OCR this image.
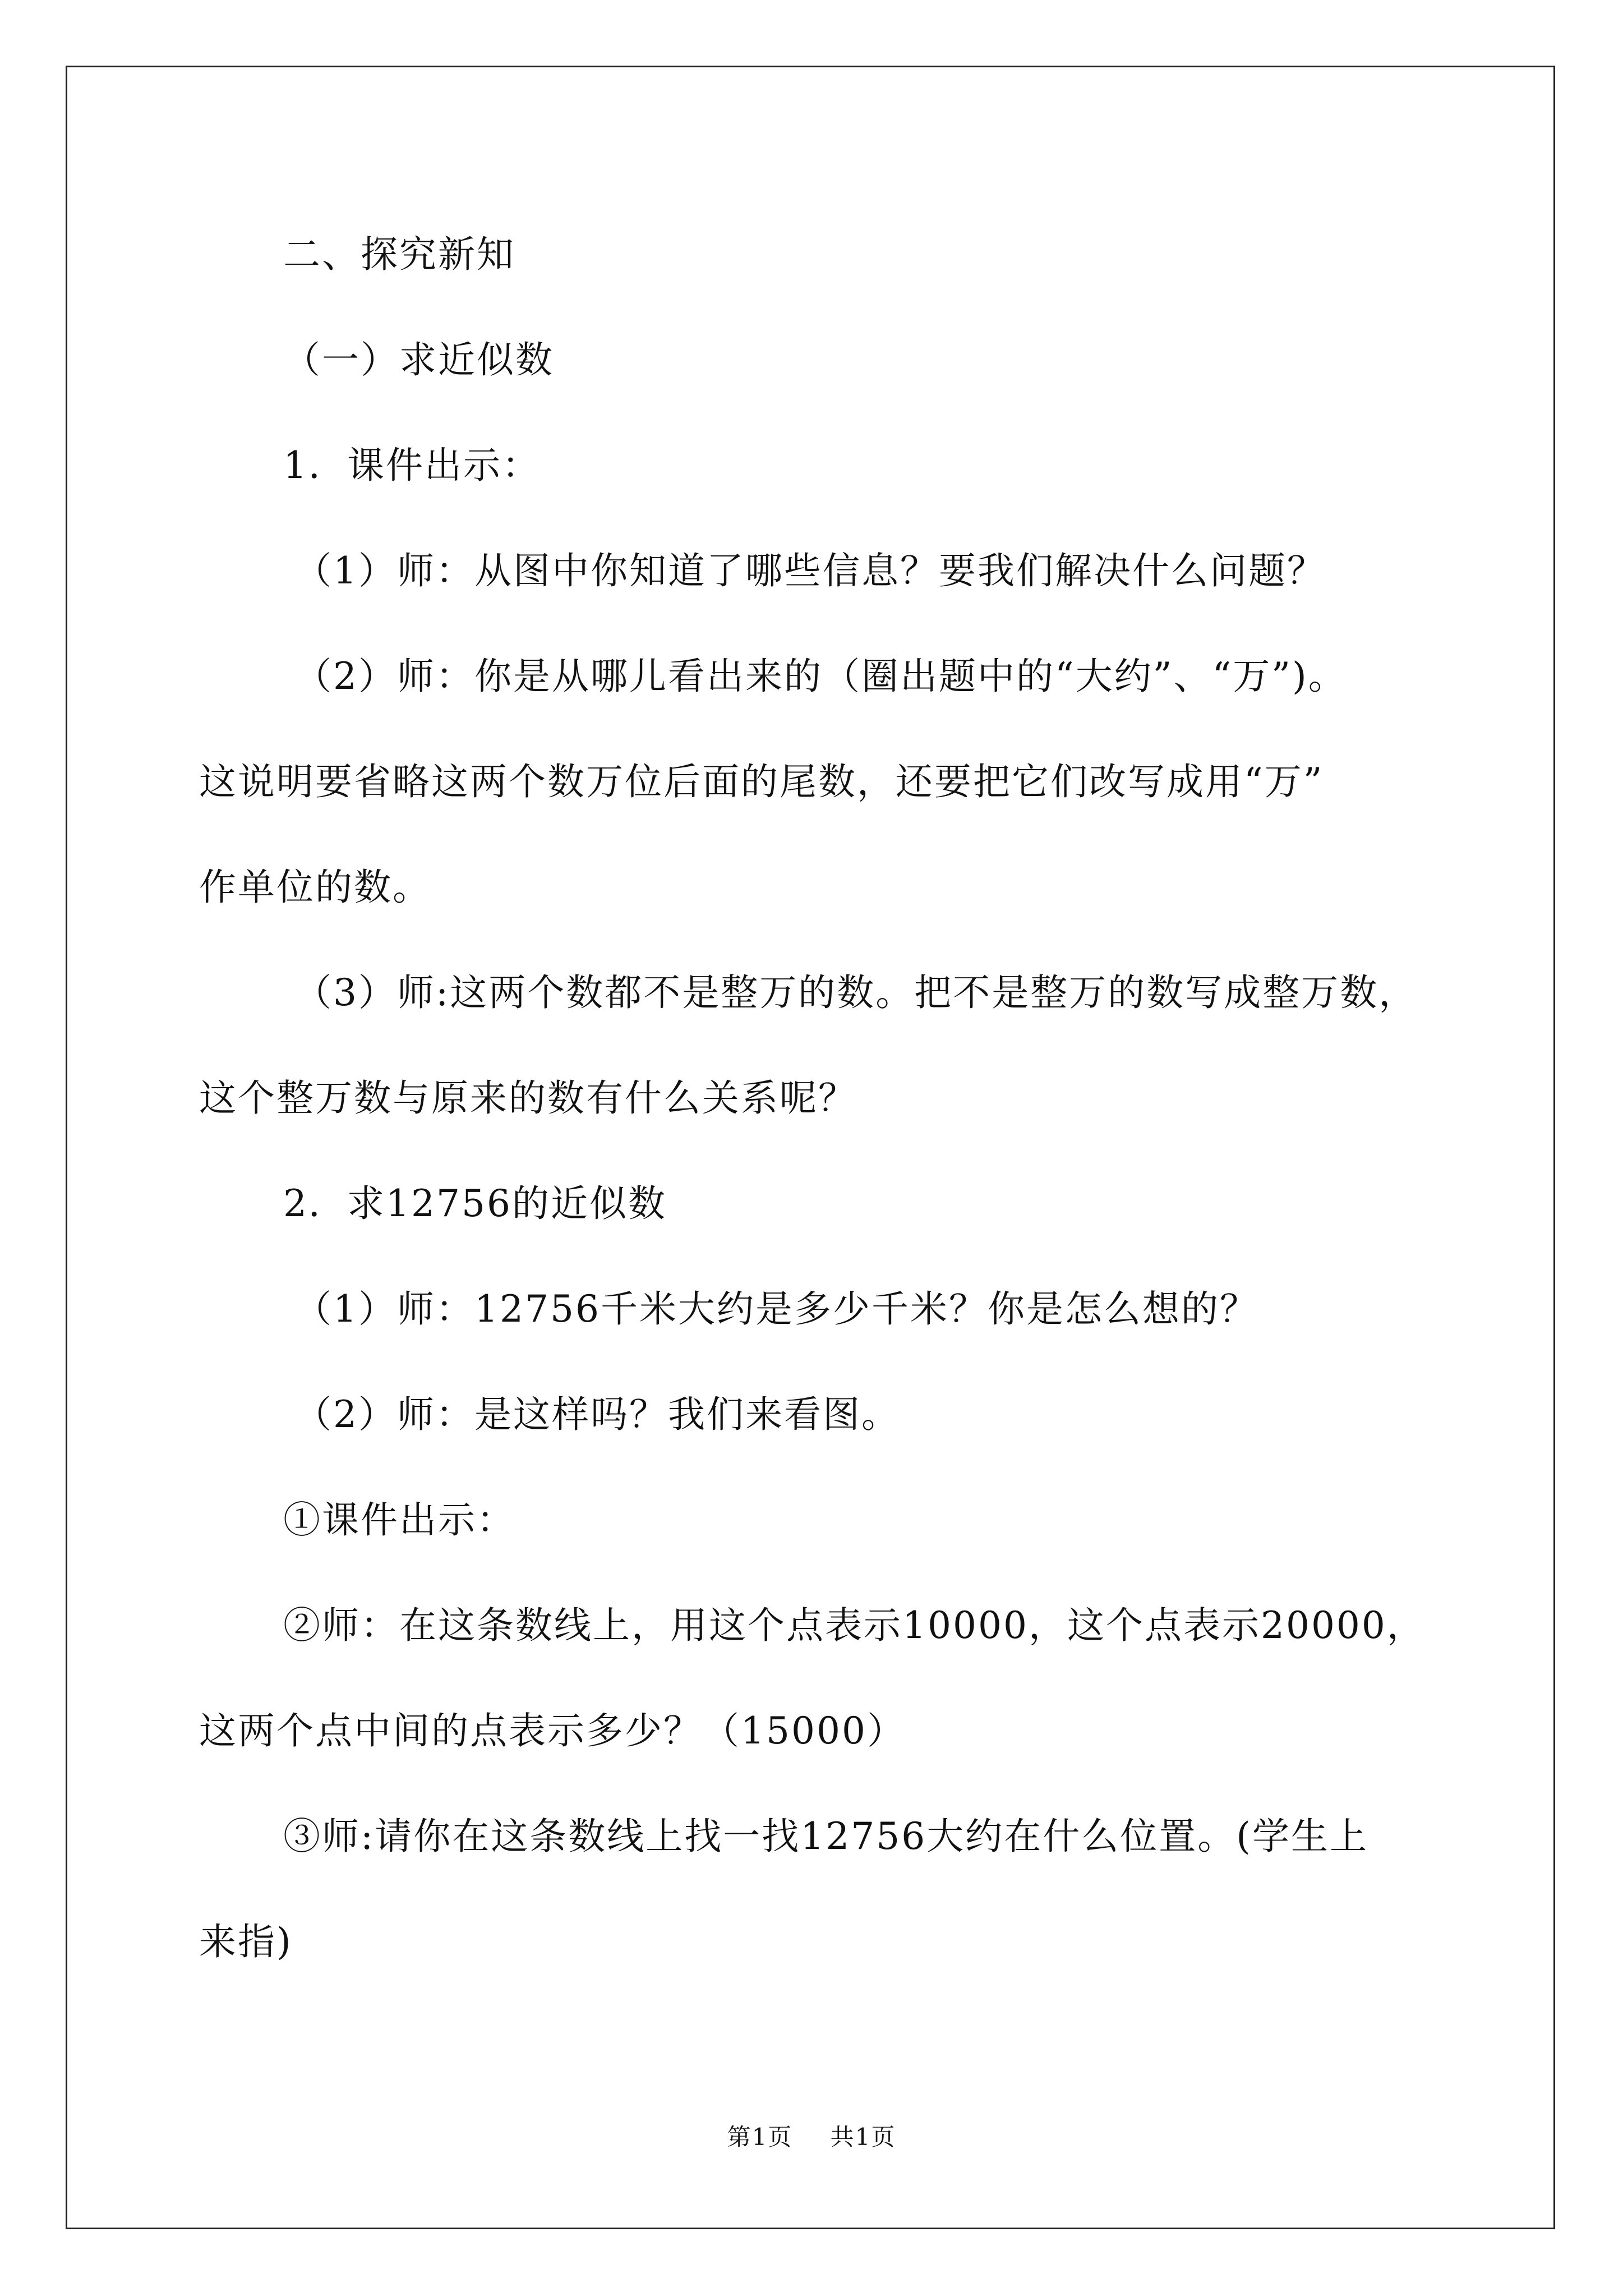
二、探究新知
（一）求近似数
1．课件出示：
（1）师：从图中你知道了哪些信息？要我们解决什么问题？
（2）师：你是从哪儿看出来的（圈出题中的“大约”、“万”)。
这说明要省略这两个数万位后面的尾数，还要把它们改写成用“万”
作单位的数。
（3）师:这两个数都不是整万的数。把不是整万的数写成整万数，
这个整万数与原来的数有什么关系呢？
2．求12756的近似数
（1）师：12756千米大约是多少千米？你是怎么想的？
（2）师：是这样吗？我们来看图。
①课件出示：
②师：在这条数线上，用这个点表示10000，这个点表示20000，
这两个点中间的点表示多少？（15000）
③师:请你在这条数线上找一找12756大约在什么位置。(学生上
来指)
第1页 共1页
